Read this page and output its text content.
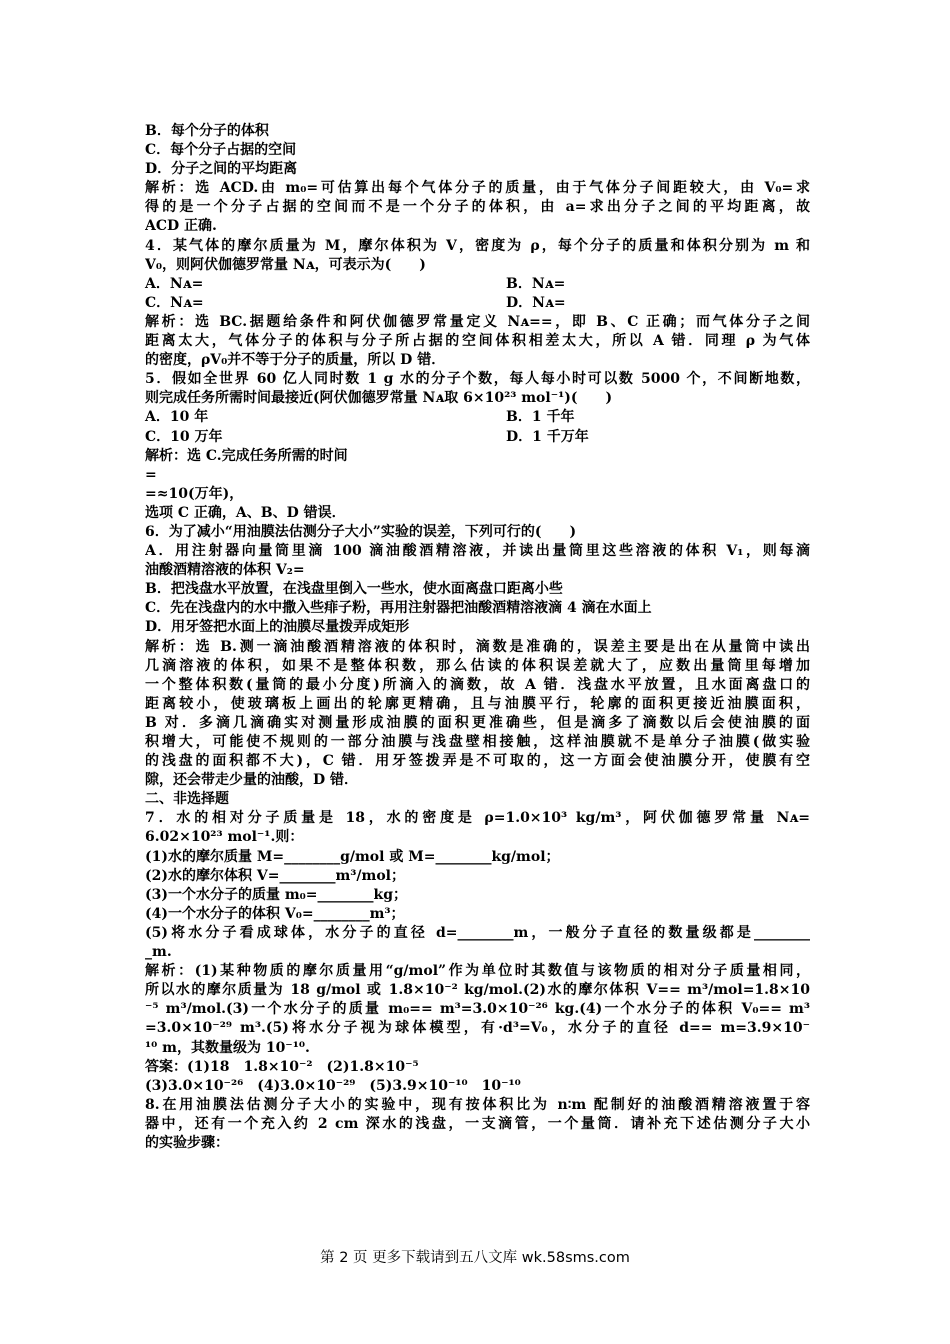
B．每个分子的体积
C．每个分子占据的空间
D．分子之间的平均距离
解析：选 ACD.由 m₀=可估算出每个气体分子的质量，由于气体分子间距较大，由 V₀=求
得的是一个分子占据的空间而不是一个分子的体积，由 a=求出分子之间的平均距离，故
ACD 正确.
4．某气体的摩尔质量为 M，摩尔体积为 V，密度为 ρ，每个分子的质量和体积分别为 m 和
V₀，则阿伏伽德罗常量 Nᴀ，可表示为(　　)
A．Nᴀ=	B．Nᴀ=
C．Nᴀ=	D．Nᴀ=
解析：选 BC.据题给条件和阿伏伽德罗常量定义 Nᴀ==，即 B、C 正确；而气体分子之间
距离太大，气体分子的体积与分子所占据的空间体积相差太大，所以 A 错．同理 ρ 为气体
的密度，ρV₀并不等于分子的质量，所以 D 错．
5．假如全世界 60 亿人同时数 1 g 水的分子个数，每人每小时可以数 5000 个，不间断地数，
则完成任务所需时间最接近(阿伏伽德罗常量 Nᴀ取 6×10²³ mol⁻¹)(　　)
A．10 年	B．1 千年
C．10 万年	D．1 千万年
解析：选 C.完成任务所需的时间
=
=≈10(万年)，
选项 C 正确，A、B、D 错误．
6．为了减小“用油膜法估测分子大小”实验的误差，下列可行的(　　)
A．用注射器向量筒里滴 100 滴油酸酒精溶液，并读出量筒里这些溶液的体积 V₁，则每滴
油酸酒精溶液的体积 V₂=
B．把浅盘水平放置，在浅盘里倒入一些水，使水面离盘口距离小些
C．先在浅盘内的水中撒入些痱子粉，再用注射器把油酸酒精溶液滴 4 滴在水面上
D．用牙签把水面上的油膜尽量拨弄成矩形
解析：选 B.测一滴油酸酒精溶液的体积时，滴数是准确的，误差主要是出在从量筒中读出
几滴溶液的体积，如果不是整体积数，那么估读的体积误差就大了，应数出量筒里每增加
一个整体积数(量筒的最小分度)所滴入的滴数，故 A 错．浅盘水平放置，且水面离盘口的
距离较小，使玻璃板上画出的轮廓更精确，且与油膜平行，轮廓的面积更接近油膜面积，
B 对．多滴几滴确实对测量形成油膜的面积更准确些，但是滴多了滴数以后会使油膜的面
积增大，可能使不规则的一部分油膜与浅盘壁相接触，这样油膜就不是单分子油膜(做实验
的浅盘的面积都不大)，C 错．用牙签拨弄是不可取的，这一方面会使油膜分开，使膜有空
隙，还会带走少量的油酸，D 错．
二、非选择题
7．水的相对分子质量是 18，水的密度是 ρ=1.0×10³ kg/m³，阿伏伽德罗常量 Nᴀ=
6.02×10²³ mol⁻¹.则：
(1)水的摩尔质量 M=________g/mol 或 M=________kg/mol；
(2)水的摩尔体积 V=________m³/mol；
(3)一个水分子的质量 m₀=________kg；
(4)一个水分子的体积 V₀=________m³；
(5)将水分子看成球体，水分子的直径 d=________m，一般分子直径的数量级都是________
_m.
解析：(1)某种物质的摩尔质量用“g/mol”作为单位时其数值与该物质的相对分子质量相同，
所以水的摩尔质量为 18 g/mol 或 1.8×10⁻² kg/mol.(2)水的摩尔体积 V== m³/mol=1.8×10
⁻⁵ m³/mol.(3)一个水分子的质量 m₀== m³=3.0×10⁻²⁶ kg.(4)一个水分子的体积 V₀== m³
=3.0×10⁻²⁹ m³.(5)将水分子视为球体模型，有·d³=V₀，水分子的直径 d== m=3.9×10⁻
¹⁰ m，其数量级为 10⁻¹⁰.
答案：(1)18　1.8×10⁻²　(2)1.8×10⁻⁵
(3)3.0×10⁻²⁶　(4)3.0×10⁻²⁹　(5)3.9×10⁻¹⁰　10⁻¹⁰
8.在用油膜法估测分子大小的实验中，现有按体积比为 n∶m 配制好的油酸酒精溶液置于容
器中，还有一个充入约 2 cm 深水的浅盘，一支滴管，一个量筒．请补充下述估测分子大小
的实验步骤：
第 2 页 更多下载请到五八文库 wk.58sms.com
